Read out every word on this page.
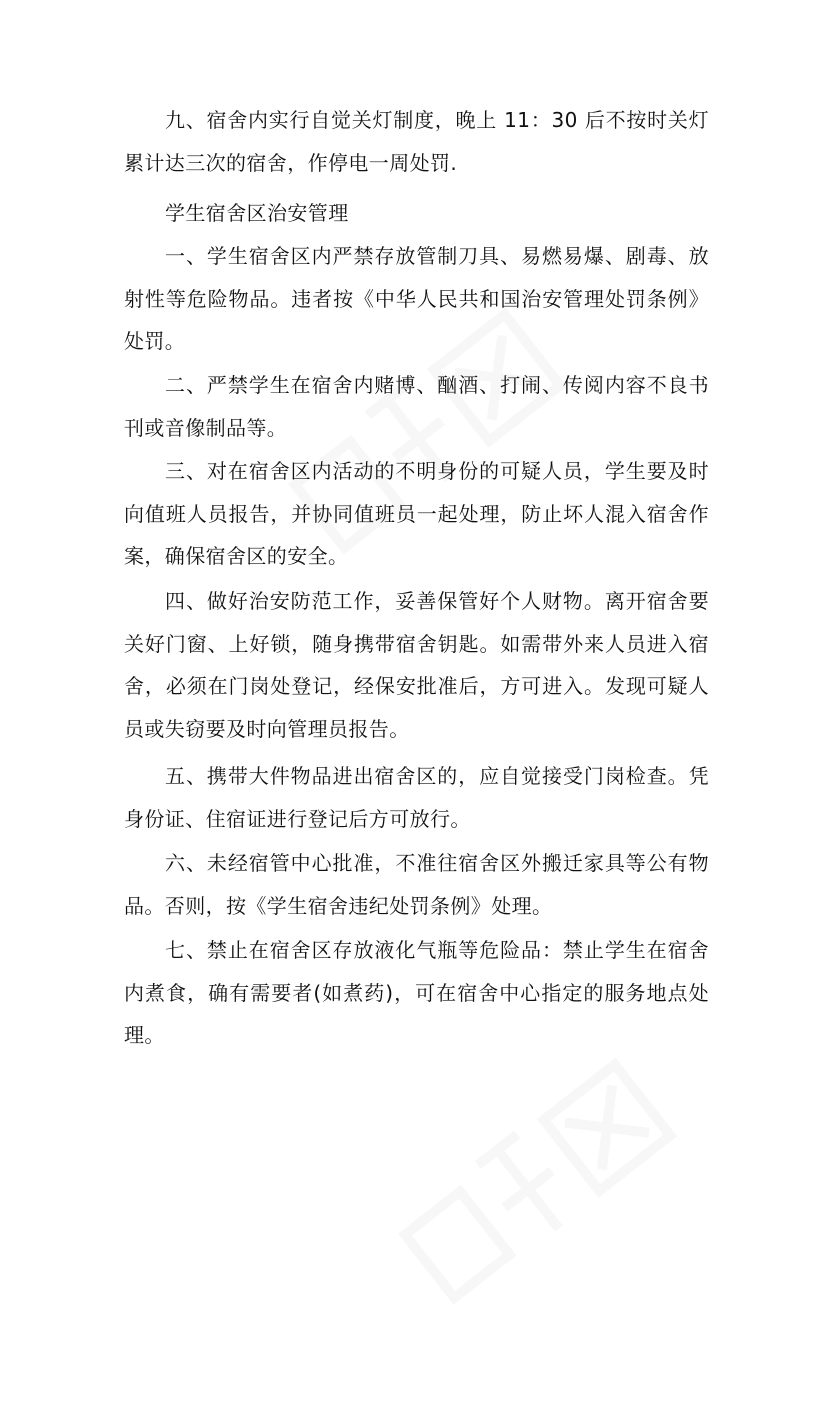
九、宿舍内实行自觉关灯制度，晚上 11：30 后不按时关灯累计达三次的宿舍，作停电一周处罚.

学生宿舍区治安管理

一、学生宿舍区内严禁存放管制刀具、易燃易爆、剧毒、放射性等危险物品。违者按《中华人民共和国治安管理处罚条例》处罚。

二、严禁学生在宿舍内赌博、酗酒、打闹、传阅内容不良书刊或音像制品等。

三、对在宿舍区内活动的不明身份的可疑人员，学生要及时向值班人员报告，并协同值班员一起处理，防止坏人混入宿舍作案，确保宿舍区的安全。

四、做好治安防范工作，妥善保管好个人财物。离开宿舍要关好门窗、上好锁，随身携带宿舍钥匙。如需带外来人员进入宿舍，必须在门岗处登记，经保安批准后，方可进入。发现可疑人员或失窃要及时向管理员报告。

五、携带大件物品进出宿舍区的，应自觉接受门岗检查。凭身份证、住宿证进行登记后方可放行。

六、未经宿管中心批准，不准往宿舍区外搬迁家具等公有物品。否则，按《学生宿舍违纪处罚条例》处理。

七、禁止在宿舍区存放液化气瓶等危险品：禁止学生在宿舍内煮食，确有需要者(如煮药)，可在宿舍中心指定的服务地点处理。
